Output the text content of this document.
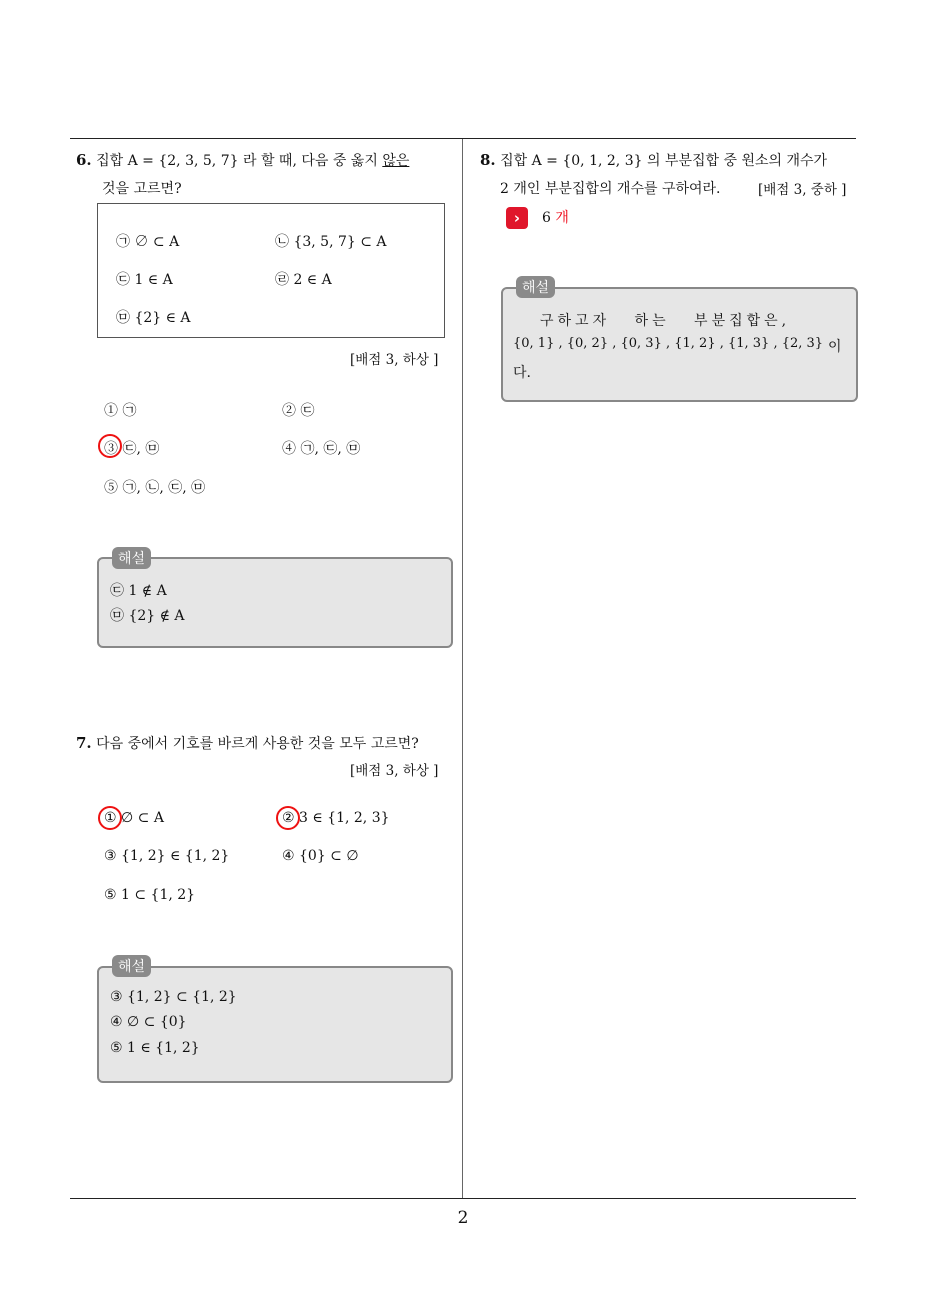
2
6. 집합 A = {2, 3, 5, 7} 라 할 때, 다음 중 옳지 않은
것을 고르면?
㉠ ∅ ⊂ A	㉡ {3, 5, 7} ⊂ A
㉢ 1 ∈ A	㉣ 2 ∈ A
㉤ {2} ∈ A
[배점 3, 하상 ]
① ㉠	② ㉢
③ ㉢, ㉤	④ ㉠, ㉢, ㉤
⑤ ㉠, ㉡, ㉢, ㉤
해설
㉢ 1 ∉ A
㉤ {2} ∉ A
7. 다음 중에서 기호를 바르게 사용한 것을 모두 고르면?
[배점 3, 하상 ]
① ∅ ⊂ A	② 3 ∈ {1, 2, 3}
③ {1, 2} ∈ {1, 2}	④ {0} ⊂ ∅
⑤ 1 ⊂ {1, 2}
해설
③ {1, 2} ⊂ {1, 2}
④ ∅ ⊂ {0}
⑤ 1 ∈ {1, 2}
8. 집합 A = {0, 1, 2, 3} 의 부분집합 중 원소의 개수가
2 개인 부분집합의 개수를 구하여라.	[배점 3, 중하 ]
›	6 개
해설
구하고자 하는 부분집합은,
{0, 1} , {0, 2} , {0, 3} , {1, 2} , {1, 3} , {2, 3} 이
다.
